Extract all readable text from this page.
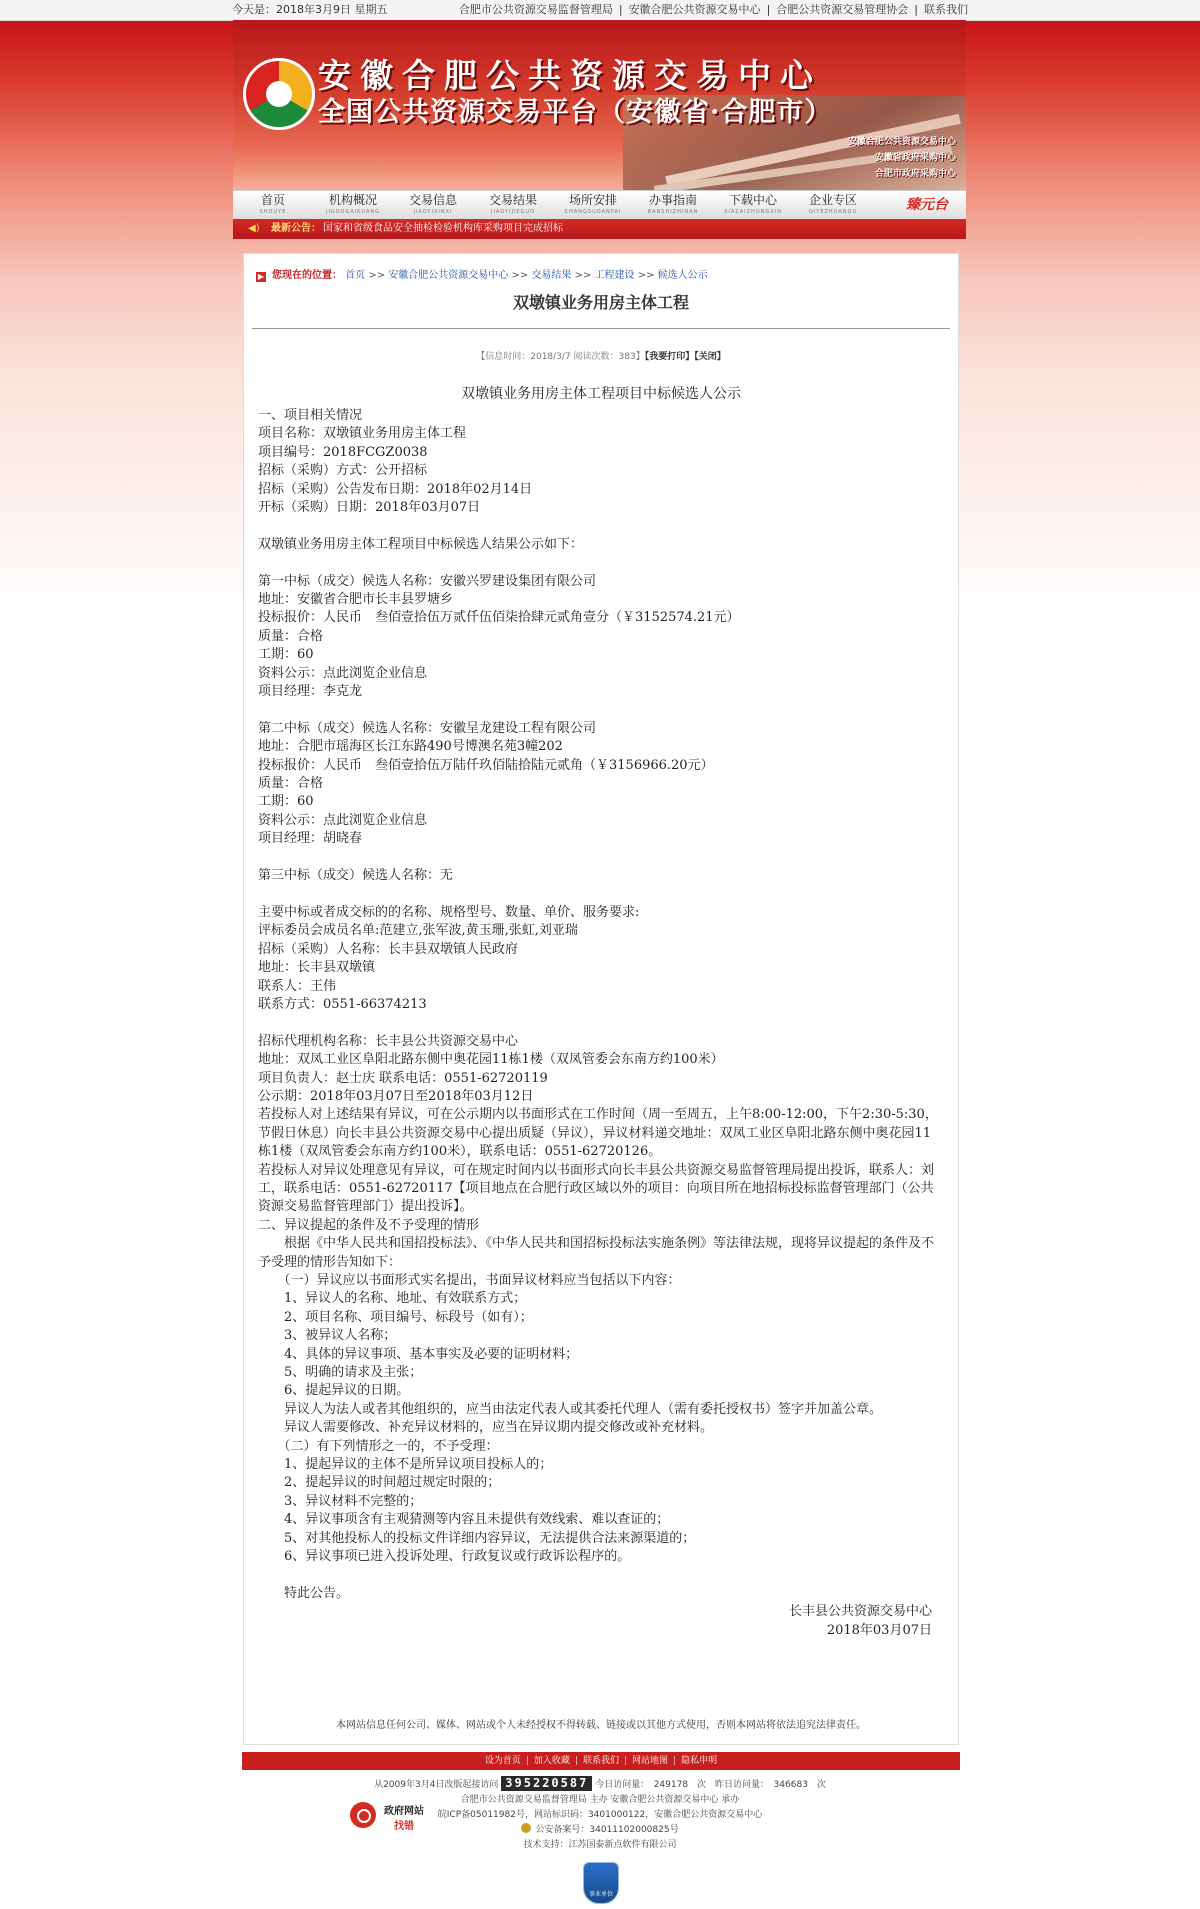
今天是：2018年3月9日 星期五	合肥市公共资源交易监督管理局 | 安徽合肥公共资源交易中心 | 合肥公共资源交易管理协会 | 联系我们
安徽合肥公共资源交易中心
全国公共资源交易平台（安徽省·合肥市）
安徽合肥公共资源交易中心
安徽省政府采购中心
合肥市政府采购中心
首页
SHOUYE
机构概况
JIGOUGAIKUANG
交易信息
JIAOYIXINXI
交易结果
JIAOYIJIEGUO
场所安排
CHANGSUOANPAI
办事指南
BANSHIZHINAN
下载中心
XIAZAIZHONGXIN
企业专区
QIYEZHUANQU	臻元台
◀) 最新公告： 国家和省级食品安全抽检检验机构库采购项目完成招标
▶ 您现在的位置： 首页 >> 安徽合肥公共资源交易中心 >> 交易结果 >> 工程建设 >> 候选人公示
双墩镇业务用房主体工程
【信息时间：2018/3/7 阅读次数：383】【我要打印】【关闭】

双墩镇业务用房主体工程项目中标候选人公示

一、项目相关情况

项目名称：双墩镇业务用房主体工程

项目编号：2018FCGZ0038

招标（采购）方式：公开招标

招标（采购）公告发布日期：2018年02月14日

开标（采购）日期：2018年03月07日

双墩镇业务用房主体工程项目中标候选人结果公示如下：

第一中标（成交）候选人名称：安徽兴罗建设集团有限公司

地址：安徽省合肥市长丰县罗塘乡

投标报价：人民币　叁佰壹拾伍万贰仟伍佰柒拾肆元贰角壹分（￥3152574.21元）

质量：合格

工期：60

资料公示：点此浏览企业信息

项目经理：李克龙

第二中标（成交）候选人名称：安徽呈龙建设工程有限公司

地址：合肥市瑶海区长江东路490号博澳名苑3幢202

投标报价：人民币　叁佰壹拾伍万陆仟玖佰陆拾陆元贰角（￥3156966.20元）

质量：合格

工期：60

资料公示：点此浏览企业信息

项目经理：胡晓春

第三中标（成交）候选人名称：无

主要中标或者成交标的的名称、规格型号、数量、单价、服务要求:

评标委员会成员名单:范建立,张军波,黄玉珊,张虹,刘亚瑞

招标（采购）人名称：长丰县双墩镇人民政府

地址：长丰县双墩镇

联系人：王伟

联系方式：0551-66374213

招标代理机构名称：长丰县公共资源交易中心

地址：双凤工业区阜阳北路东侧中奥花园11栋1楼（双凤管委会东南方约100米）

项目负责人：赵士庆 联系电话：0551-62720119

公示期：2018年03月07日至2018年03月12日

若投标人对上述结果有异议，可在公示期内以书面形式在工作时间（周一至周五，上午8:00-12:00，下午2:30-5:30，节假日休息）向长丰县公共资源交易中心提出质疑（异议），异议材料递交地址：双凤工业区阜阳北路东侧中奥花园11栋1楼（双凤管委会东南方约100米），联系电话：0551-62720126。

若投标人对异议处理意见有异议，可在规定时间内以书面形式向长丰县公共资源交易监督管理局提出投诉，联系人：刘工，联系电话：0551-62720117【项目地点在合肥行政区域以外的项目：向项目所在地招标投标监督管理部门（公共资源交易监督管理部门）提出投诉】。

二、异议提起的条件及不予受理的情形

　　根据《中华人民共和国招投标法》、《中华人民共和国招标投标法实施条例》等法律法规，现将异议提起的条件及不予受理的情形告知如下：

　　（一）异议应以书面形式实名提出，书面异议材料应当包括以下内容：

　　1、异议人的名称、地址、有效联系方式；

　　2、项目名称、项目编号、标段号（如有）；

　　3、被异议人名称；

　　4、具体的异议事项、基本事实及必要的证明材料；

　　5、明确的请求及主张；

　　6、提起异议的日期。

　　异议人为法人或者其他组织的，应当由法定代表人或其委托代理人（需有委托授权书）签字并加盖公章。

　　异议人需要修改、补充异议材料的，应当在异议期内提交修改或补充材料。

　　（二）有下列情形之一的，不予受理：

　　1、提起异议的主体不是所异议项目投标人的；

　　2、提起异议的时间超过规定时限的；

　　3、异议材料不完整的；

　　4、异议事项含有主观猜测等内容且未提供有效线索、难以查证的；

　　5、对其他投标人的投标文件详细内容异议，无法提供合法来源渠道的；

　　6、异议事项已进入投诉处理、行政复议或行政诉讼程序的。

　　特此公告。

长丰县公共资源交易中心

2018年03月07日

本网站信息任何公司、媒体、网站或个人未经授权不得转载、链接或以其他方式使用，否则本网站将依法追究法律责任。
设为首页 | 加入收藏 | 联系我们 | 网站地图 | 隐私申明
从2009年3月4日改版起接访问 395220587 今日访问量：　249178　次　昨日访问量：　346683　次
合肥市公共资源交易监督管理局 主办 安徽合肥公共资源交易中心 承办
皖ICP备05011982号，网站标识码：3401000122，安徽合肥公共资源交易中心
公安备案号：34011102000825号
技术支持：江苏国泰新点软件有限公司
政府网站
找错
事业单位
